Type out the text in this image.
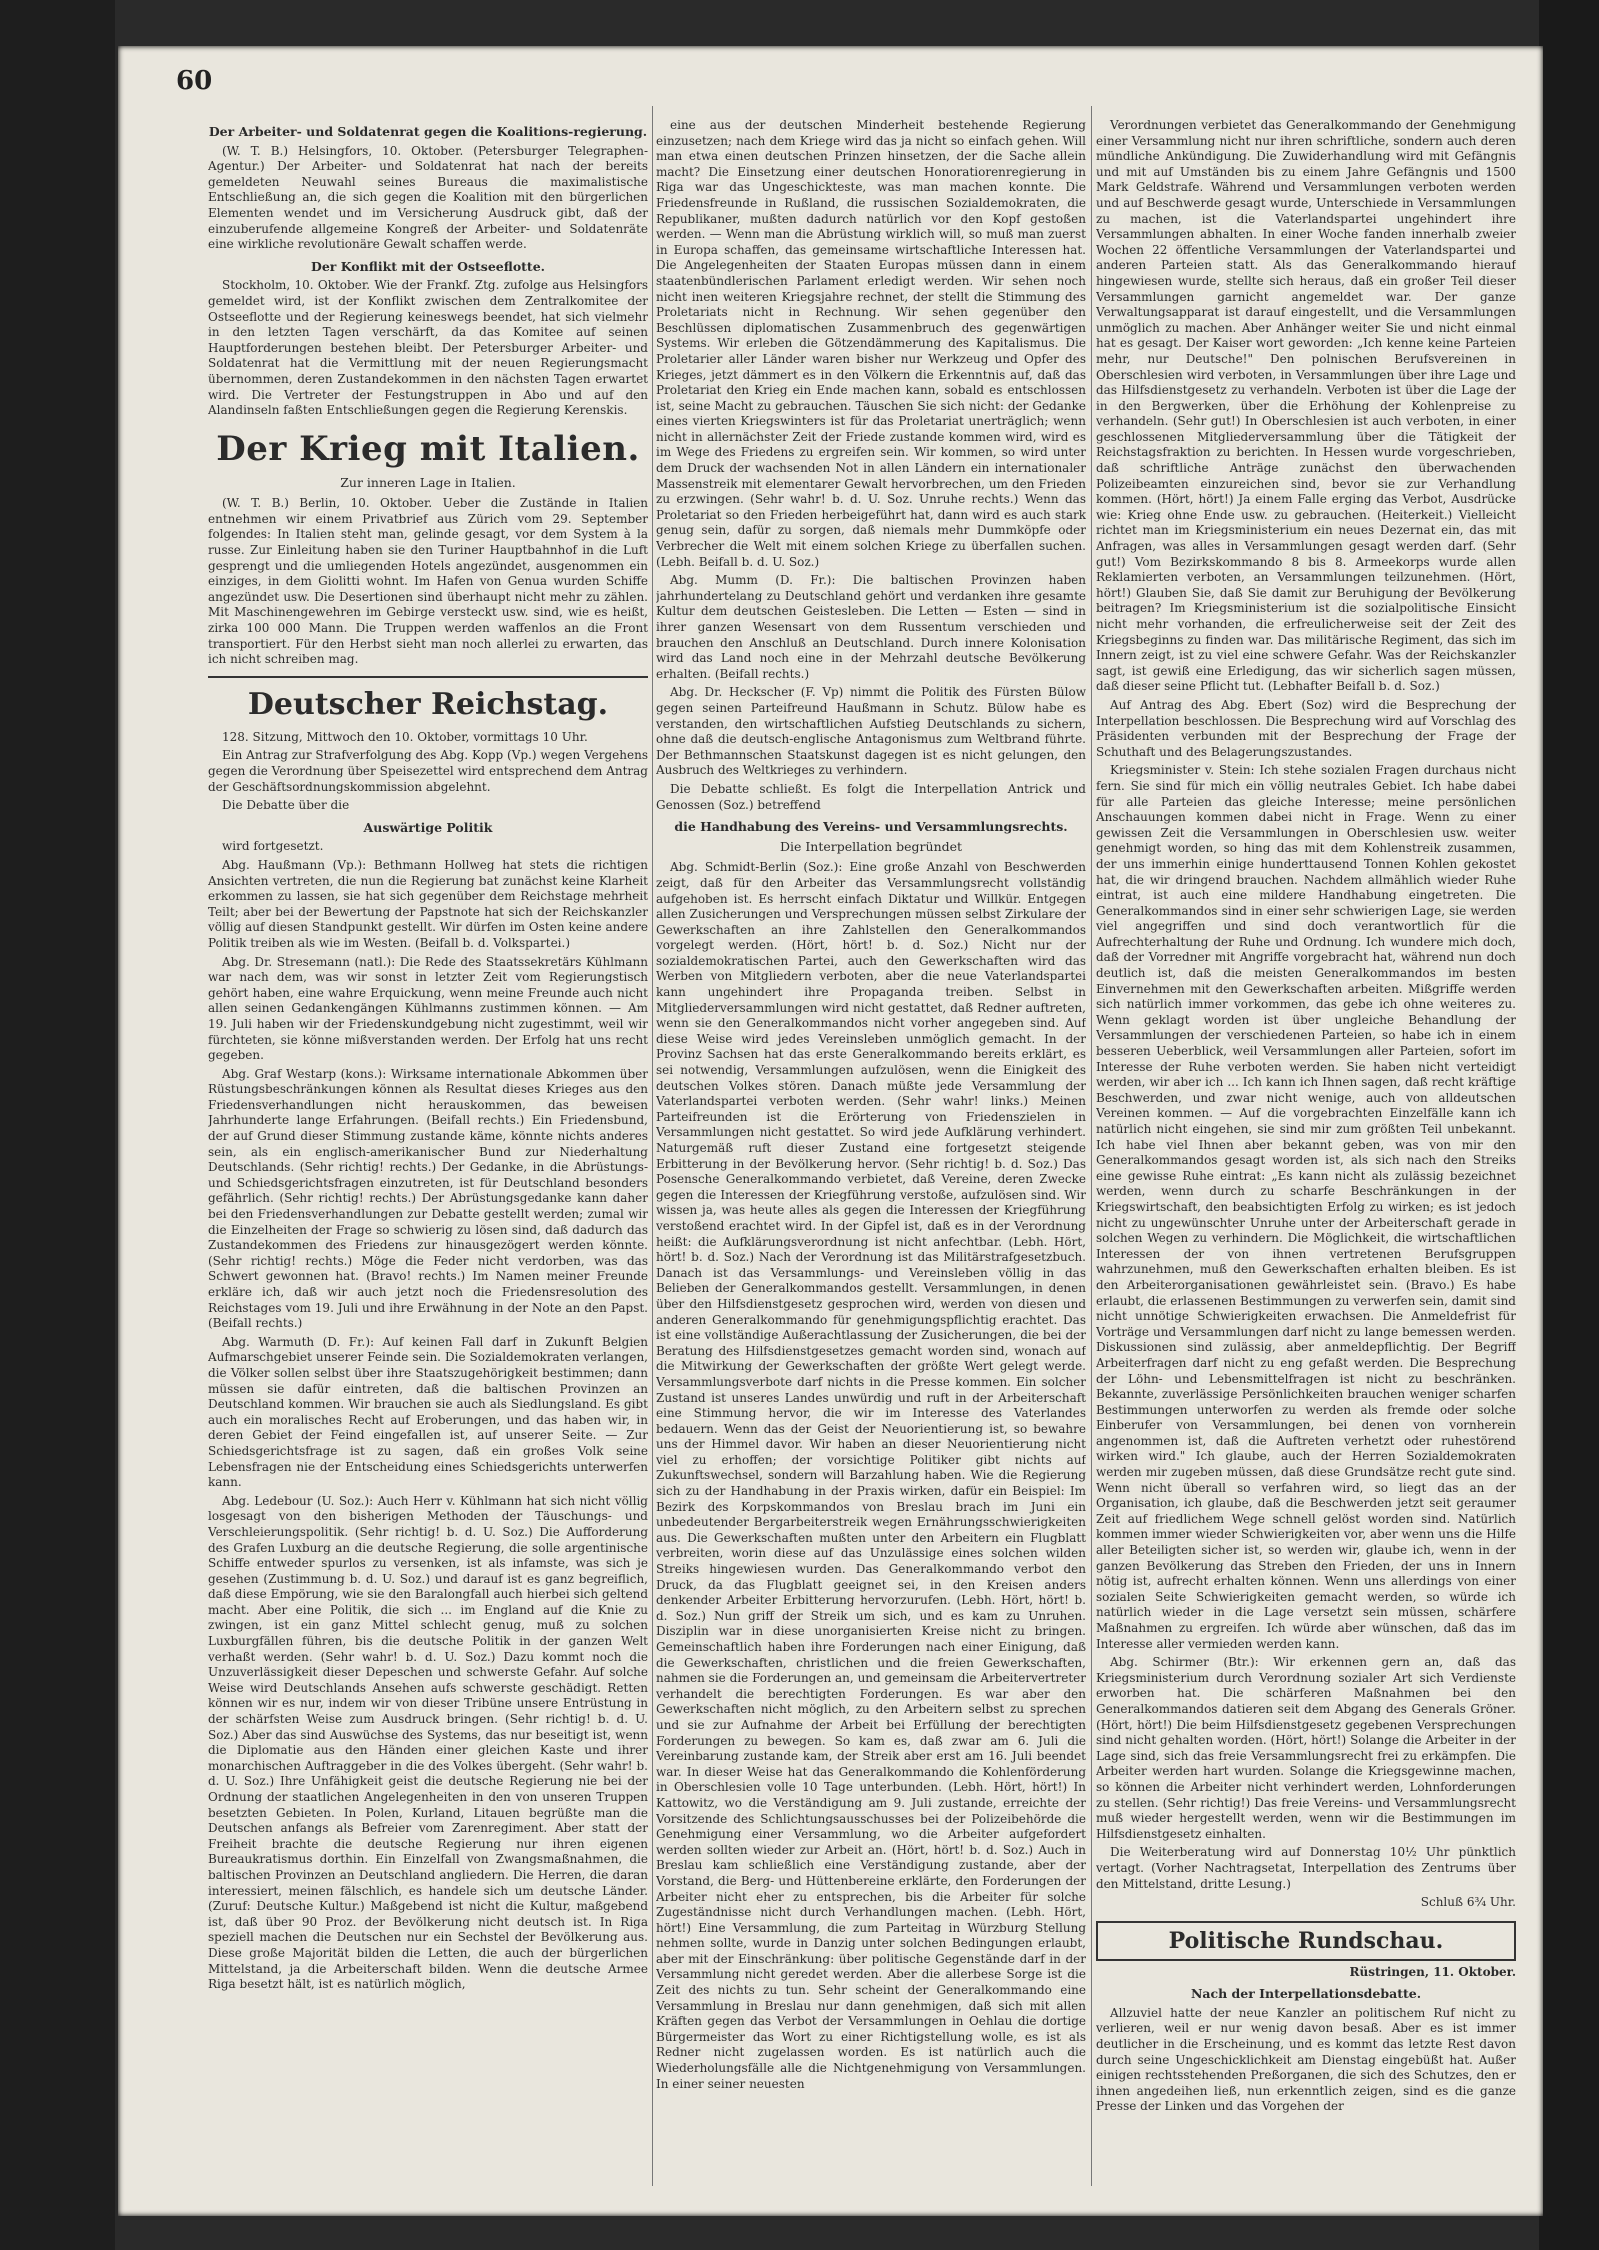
60
Der Arbeiter- und Soldatenrat gegen die Koalitions-regierung.

(W. T. B.) Helsingfors, 10. Oktober. (Petersburger Telegraphen-Agentur.) Der Arbeiter- und Soldatenrat hat nach der bereits gemeldeten Neuwahl seines Bureaus die maximalistische Entschließung an, die sich gegen die Koalition mit den bürgerlichen Elementen wendet und im Versicherung Ausdruck gibt, daß der einzuberufende allgemeine Kongreß der Arbeiter- und Soldatenräte eine wirkliche revolutionäre Gewalt schaffen werde.

Der Konflikt mit der Ostseeflotte.

Stockholm, 10. Oktober. Wie der Frankf. Ztg. zufolge aus Helsingfors gemeldet wird, ist der Konflikt zwischen dem Zentralkomitee der Ostseeflotte und der Regierung keineswegs beendet, hat sich vielmehr in den letzten Tagen verschärft, da das Komitee auf seinen Hauptforderungen bestehen bleibt. Der Petersburger Arbeiter- und Soldatenrat hat die Vermittlung mit der neuen Regierungsmacht übernommen, deren Zustandekommen in den nächsten Tagen erwartet wird. Die Vertreter der Festungstruppen in Abo und auf den Alandinseln faßten Entschließungen gegen die Regierung Kerenskis.

Der Krieg mit Italien.
Zur inneren Lage in Italien.

(W. T. B.) Berlin, 10. Oktober. Ueber die Zustände in Italien entnehmen wir einem Privatbrief aus Zürich vom 29. September folgendes: In Italien steht man, gelinde gesagt, vor dem System à la russe. Zur Einleitung haben sie den Turiner Hauptbahnhof in die Luft gesprengt und die umliegenden Hotels angezündet, ausgenommen ein einziges, in dem Giolitti wohnt. Im Hafen von Genua wurden Schiffe angezündet usw. Die Desertionen sind überhaupt nicht mehr zu zählen. Mit Maschinengewehren im Gebirge versteckt usw. sind, wie es heißt, zirka 100 000 Mann. Die Truppen werden waffenlos an die Front transportiert. Für den Herbst sieht man noch allerlei zu erwarten, das ich nicht schreiben mag.

Deutscher Reichstag.

128. Sitzung, Mittwoch den 10. Oktober, vormittags 10 Uhr.

Ein Antrag zur Strafverfolgung des Abg. Kopp (Vp.) wegen Vergehens gegen die Verordnung über Speisezettel wird entsprechend dem Antrag der Geschäftsordnungskommission abgelehnt.

Die Debatte über die

Auswärtige Politik

wird fortgesetzt.

Abg. Haußmann (Vp.): Bethmann Hollweg hat stets die richtigen Ansichten vertreten, die nun die Regierung bat zunächst keine Klarheit erkommen zu lassen, sie hat sich gegenüber dem Reichstage mehrheit Teilt; aber bei der Bewertung der Papstnote hat sich der Reichskanzler völlig auf diesen Standpunkt gestellt. Wir dürfen im Osten keine andere Politik treiben als wie im Westen. (Beifall b. d. Volkspartei.)

Abg. Dr. Stresemann (natl.): Die Rede des Staatssekretärs Kühlmann war nach dem, was wir sonst in letzter Zeit vom Regierungstisch gehört haben, eine wahre Erquickung, wenn meine Freunde auch nicht allen seinen Gedankengängen Kühlmanns zustimmen können. — Am 19. Juli haben wir der Friedenskundgebung nicht zugestimmt, weil wir fürchteten, sie könne mißverstanden werden. Der Erfolg hat uns recht gegeben.

Abg. Graf Westarp (kons.): Wirksame internationale Abkommen über Rüstungsbeschränkungen können als Resultat dieses Krieges aus den Friedensverhandlungen nicht herauskommen, das beweisen Jahrhunderte lange Erfahrungen. (Beifall rechts.) Ein Friedensbund, der auf Grund dieser Stimmung zustande käme, könnte nichts anderes sein, als ein englisch-amerikanischer Bund zur Niederhaltung Deutschlands. (Sehr richtig! rechts.) Der Gedanke, in die Abrüstungs- und Schiedsgerichtsfragen einzutreten, ist für Deutschland besonders gefährlich. (Sehr richtig! rechts.) Der Abrüstungsgedanke kann daher bei den Friedensverhandlungen zur Debatte gestellt werden; zumal wir die Einzelheiten der Frage so schwierig zu lösen sind, daß dadurch das Zustandekommen des Friedens zur hinausgezögert werden könnte. (Sehr richtig! rechts.) Möge die Feder nicht verdorben, was das Schwert gewonnen hat. (Bravo! rechts.) Im Namen meiner Freunde erkläre ich, daß wir auch jetzt noch die Friedensresolution des Reichstages vom 19. Juli und ihre Erwähnung in der Note an den Papst. (Beifall rechts.)

Abg. Warmuth (D. Fr.): Auf keinen Fall darf in Zukunft Belgien Aufmarschgebiet unserer Feinde sein. Die Sozialdemokraten verlangen, die Völker sollen selbst über ihre Staatszugehörigkeit bestimmen; dann müssen sie dafür eintreten, daß die baltischen Provinzen an Deutschland kommen. Wir brauchen sie auch als Siedlungsland. Es gibt auch ein moralisches Recht auf Eroberungen, und das haben wir, in deren Gebiet der Feind eingefallen ist, auf unserer Seite. — Zur Schiedsgerichtsfrage ist zu sagen, daß ein großes Volk seine Lebensfragen nie der Entscheidung eines Schiedsgerichts unterwerfen kann.

Abg. Ledebour (U. Soz.): Auch Herr v. Kühlmann hat sich nicht völlig losgesagt von den bisherigen Methoden der Täuschungs- und Verschleierungspolitik. (Sehr richtig! b. d. U. Soz.) Die Aufforderung des Grafen Luxburg an die deutsche Regierung, die solle argentinische Schiffe entweder spurlos zu versenken, ist als infamste, was sich je gesehen (Zustimmung b. d. U. Soz.) und darauf ist es ganz begreiflich, daß diese Empörung, wie sie den Baralongfall auch hierbei sich geltend macht. Aber eine Politik, die sich ... im England auf die Knie zu zwingen, ist ein ganz Mittel schlecht genug, muß zu solchen Luxburgfällen führen, bis die deutsche Politik in der ganzen Welt verhaßt werden. (Sehr wahr! b. d. U. Soz.) Dazu kommt noch die Unzuverlässigkeit dieser Depeschen und schwerste Gefahr. Auf solche Weise wird Deutschlands Ansehen aufs schwerste geschädigt. Retten können wir es nur, indem wir von dieser Tribüne unsere Entrüstung in der schärfsten Weise zum Ausdruck bringen. (Sehr richtig! b. d. U. Soz.) Aber das sind Auswüchse des Systems, das nur beseitigt ist, wenn die Diplomatie aus den Händen einer gleichen Kaste und ihrer monarchischen Auftraggeber in die des Volkes übergeht. (Sehr wahr! b. d. U. Soz.) Ihre Unfähigkeit geist die deutsche Regierung nie bei der Ordnung der staatlichen Angelegenheiten in den von unseren Truppen besetzten Gebieten. In Polen, Kurland, Litauen begrüßte man die Deutschen anfangs als Befreier vom Zarenregiment. Aber statt der Freiheit brachte die deutsche Regierung nur ihren eigenen Bureaukratismus dorthin. Ein Einzelfall von Zwangsmaßnahmen, die baltischen Provinzen an Deutschland angliedern. Die Herren, die daran interessiert, meinen fälschlich, es handele sich um deutsche Länder. (Zuruf: Deutsche Kultur.) Maßgebend ist nicht die Kultur, maßgebend ist, daß über 90 Proz. der Bevölkerung nicht deutsch ist. In Riga speziell machen die Deutschen nur ein Sechstel der Bevölkerung aus. Diese große Majorität bilden die Letten, die auch der bürgerlichen Mittelstand, ja die Arbeiterschaft bilden. Wenn die deutsche Armee Riga besetzt hält, ist es natürlich möglich,

eine aus der deutschen Minderheit bestehende Regierung einzusetzen; nach dem Kriege wird das ja nicht so einfach gehen. Will man etwa einen deutschen Prinzen hinsetzen, der die Sache allein macht? Die Einsetzung einer deutschen Honoratiorenregierung in Riga war das Ungeschickteste, was man machen konnte. Die Friedensfreunde in Rußland, die russischen Sozialdemokraten, die Republikaner, mußten dadurch natürlich vor den Kopf gestoßen werden. — Wenn man die Abrüstung wirklich will, so muß man zuerst in Europa schaffen, das gemeinsame wirtschaftliche Interessen hat. Die Angelegenheiten der Staaten Europas müssen dann in einem staatenbündlerischen Parlament erledigt werden. Wir sehen noch nicht inen weiteren Kriegsjahre rechnet, der stellt die Stimmung des Proletariats nicht in Rechnung. Wir sehen gegenüber den Beschlüssen diplomatischen Zusammenbruch des gegenwärtigen Systems. Wir erleben die Götzendämmerung des Kapitalismus. Die Proletarier aller Länder waren bisher nur Werkzeug und Opfer des Krieges, jetzt dämmert es in den Völkern die Erkenntnis auf, daß das Proletariat den Krieg ein Ende machen kann, sobald es entschlossen ist, seine Macht zu gebrauchen. Täuschen Sie sich nicht: der Gedanke eines vierten Kriegswinters ist für das Proletariat unerträglich; wenn nicht in allernächster Zeit der Friede zustande kommen wird, wird es im Wege des Friedens zu ergreifen sein. Wir kommen, so wird unter dem Druck der wachsenden Not in allen Ländern ein internationaler Massenstreik mit elementarer Gewalt hervorbrechen, um den Frieden zu erzwingen. (Sehr wahr! b. d. U. Soz. Unruhe rechts.) Wenn das Proletariat so den Frieden herbeigeführt hat, dann wird es auch stark genug sein, dafür zu sorgen, daß niemals mehr Dummköpfe oder Verbrecher die Welt mit einem solchen Kriege zu überfallen suchen. (Lebh. Beifall b. d. U. Soz.)

Abg. Mumm (D. Fr.): Die baltischen Provinzen haben jahrhundertelang zu Deutschland gehört und verdanken ihre gesamte Kultur dem deutschen Geistesleben. Die Letten — Esten — sind in ihrer ganzen Wesensart von dem Russentum verschieden und brauchen den Anschluß an Deutschland. Durch innere Kolonisation wird das Land noch eine in der Mehrzahl deutsche Bevölkerung erhalten. (Beifall rechts.)

Abg. Dr. Heckscher (F. Vp) nimmt die Politik des Fürsten Bülow gegen seinen Parteifreund Haußmann in Schutz. Bülow habe es verstanden, den wirtschaftlichen Aufstieg Deutschlands zu sichern, ohne daß die deutsch-englische Antagonismus zum Weltbrand führte. Der Bethmannschen Staatskunst dagegen ist es nicht gelungen, den Ausbruch des Weltkrieges zu verhindern.

Die Debatte schließt. Es folgt die Interpellation Antrick und Genossen (Soz.) betreffend

die Handhabung des Vereins- und Versammlungsrechts.
Die Interpellation begründet

Abg. Schmidt-Berlin (Soz.): Eine große Anzahl von Beschwerden zeigt, daß für den Arbeiter das Versammlungsrecht vollständig aufgehoben ist. Es herrscht einfach Diktatur und Willkür. Entgegen allen Zusicherungen und Versprechungen müssen selbst Zirkulare der Gewerkschaften an ihre Zahlstellen den Generalkommandos vorgelegt werden. (Hört, hört! b. d. Soz.) Nicht nur der sozialdemokratischen Partei, auch den Gewerkschaften wird das Werben von Mitgliedern verboten, aber die neue Vaterlandspartei kann ungehindert ihre Propaganda treiben. Selbst in Mitgliederversammlungen wird nicht gestattet, daß Redner auftreten, wenn sie den Generalkommandos nicht vorher angegeben sind. Auf diese Weise wird jedes Vereinsleben unmöglich gemacht. In der Provinz Sachsen hat das erste Generalkommando bereits erklärt, es sei notwendig, Versammlungen aufzulösen, wenn die Einigkeit des deutschen Volkes stören. Danach müßte jede Versammlung der Vaterlandspartei verboten werden. (Sehr wahr! links.) Meinen Parteifreunden ist die Erörterung von Friedenszielen in Versammlungen nicht gestattet. So wird jede Aufklärung verhindert. Naturgemäß ruft dieser Zustand eine fortgesetzt steigende Erbitterung in der Bevölkerung hervor. (Sehr richtig! b. d. Soz.) Das Posensche Generalkommando verbietet, daß Vereine, deren Zwecke gegen die Interessen der Kriegführung verstoße, aufzulösen sind. Wir wissen ja, was heute alles als gegen die Interessen der Kriegführung verstoßend erachtet wird. In der Gipfel ist, daß es in der Verordnung heißt: die Aufklärungsverordnung ist nicht anfechtbar. (Lebh. Hört, hört! b. d. Soz.) Nach der Verordnung ist das Militärstrafgesetzbuch. Danach ist das Versammlungs- und Vereinsleben völlig in das Belieben der Generalkommandos gestellt. Versammlungen, in denen über den Hilfsdienstgesetz gesprochen wird, werden von diesen und anderen Generalkommando für genehmigungspflichtig erachtet. Das ist eine vollständige Außerachtlassung der Zusicherungen, die bei der Beratung des Hilfsdienstgesetzes gemacht worden sind, wonach auf die Mitwirkung der Gewerkschaften der größte Wert gelegt werde. Versammlungsverbote darf nichts in die Presse kommen. Ein solcher Zustand ist unseres Landes unwürdig und ruft in der Arbeiterschaft eine Stimmung hervor, die wir im Interesse des Vaterlandes bedauern. Wenn das der Geist der Neuorientierung ist, so bewahre uns der Himmel davor. Wir haben an dieser Neuorientierung nicht viel zu erhoffen; der vorsichtige Politiker gibt nichts auf Zukunftswechsel, sondern will Barzahlung haben. Wie die Regierung sich zu der Handhabung in der Praxis wirken, dafür ein Beispiel: Im Bezirk des Korpskommandos von Breslau brach im Juni ein unbedeutender Bergarbeiterstreik wegen Ernährungsschwierigkeiten aus. Die Gewerkschaften mußten unter den Arbeitern ein Flugblatt verbreiten, worin diese auf das Unzulässige eines solchen wilden Streiks hingewiesen wurden. Das Generalkommando verbot den Druck, da das Flugblatt geeignet sei, in den Kreisen anders denkender Arbeiter Erbitterung hervorzurufen. (Lebh. Hört, hört! b. d. Soz.) Nun griff der Streik um sich, und es kam zu Unruhen. Disziplin war in diese unorganisierten Kreise nicht zu bringen. Gemeinschaftlich haben ihre Forderungen nach einer Einigung, daß die Gewerkschaften, christlichen und die freien Gewerkschaften, nahmen sie die Forderungen an, und gemeinsam die Arbeitervertreter verhandelt die berechtigten Forderungen. Es war aber den Gewerkschaften nicht möglich, zu den Arbeitern selbst zu sprechen und sie zur Aufnahme der Arbeit bei Erfüllung der berechtigten Forderungen zu bewegen. So kam es, daß zwar am 6. Juli die Vereinbarung zustande kam, der Streik aber erst am 16. Juli beendet war. In dieser Weise hat das Generalkommando die Kohlenförderung in Oberschlesien volle 10 Tage unterbunden. (Lebh. Hört, hört!) In Kattowitz, wo die Verständigung am 9. Juli zustande, erreichte der Vorsitzende des Schlichtungsausschusses bei der Polizeibehörde die Genehmigung einer Versammlung, wo die Arbeiter aufgefordert werden sollten wieder zur Arbeit an. (Hört, hört! b. d. Soz.) Auch in Breslau kam schließlich eine Verständigung zustande, aber der Vorstand, die Berg- und Hüttenbereine erklärte, den Forderungen der Arbeiter nicht eher zu entsprechen, bis die Arbeiter für solche Zugeständnisse nicht durch Verhandlungen machen. (Lebh. Hört, hört!) Eine Versammlung, die zum Parteitag in Würzburg Stellung nehmen sollte, wurde in Danzig unter solchen Bedingungen erlaubt, aber mit der Einschränkung: über politische Gegenstände darf in der Versammlung nicht geredet werden. Aber die allerbese Sorge ist die Zeit des nichts zu tun. Sehr scheint der Generalkommando eine Versammlung in Breslau nur dann genehmigen, daß sich mit allen Kräften gegen das Verbot der Versammlungen in Oehlau die dortige Bürgermeister das Wort zu einer Richtigstellung wolle, es ist als Redner nicht zugelassen worden. Es ist natürlich auch die Wiederholungsfälle alle die Nichtgenehmigung von Versammlungen. In einer seiner neuesten

Verordnungen verbietet das Generalkommando der Genehmigung einer Versammlung nicht nur ihren schriftliche, sondern auch deren mündliche Ankündigung. Die Zuwiderhandlung wird mit Gefängnis und mit auf Umständen bis zu einem Jahre Gefängnis und 1500 Mark Geldstrafe. Während und Versammlungen verboten werden und auf Beschwerde gesagt wurde, Unterschiede in Versammlungen zu machen, ist die Vaterlandspartei ungehindert ihre Versammlungen abhalten. In einer Woche fanden innerhalb zweier Wochen 22 öffentliche Versammlungen der Vaterlandspartei und anderen Parteien statt. Als das Generalkommando hierauf hingewiesen wurde, stellte sich heraus, daß ein großer Teil dieser Versammlungen garnicht angemeldet war. Der ganze Verwaltungsapparat ist darauf eingestellt, und die Versammlungen unmöglich zu machen. Aber Anhänger weiter Sie und nicht einmal hat es gesagt. Der Kaiser wort geworden: „Ich kenne keine Parteien mehr, nur Deutsche!" Den polnischen Berufsvereinen in Oberschlesien wird verboten, in Versammlungen über ihre Lage und das Hilfsdienstgesetz zu verhandeln. Verboten ist über die Lage der in den Bergwerken, über die Erhöhung der Kohlenpreise zu verhandeln. (Sehr gut!) In Oberschlesien ist auch verboten, in einer geschlossenen Mitgliederversammlung über die Tätigkeit der Reichstagsfraktion zu berichten. In Hessen wurde vorgeschrieben, daß schriftliche Anträge zunächst den überwachenden Polizeibeamten einzureichen sind, bevor sie zur Verhandlung kommen. (Hört, hört!) Ja einem Falle erging das Verbot, Ausdrücke wie: Krieg ohne Ende usw. zu gebrauchen. (Heiterkeit.) Vielleicht richtet man im Kriegsministerium ein neues Dezernat ein, das mit Anfragen, was alles in Versammlungen gesagt werden darf. (Sehr gut!) Vom Bezirkskommando 8 bis 8. Armeekorps wurde allen Reklamierten verboten, an Versammlungen teilzunehmen. (Hört, hört!) Glauben Sie, daß Sie damit zur Beruhigung der Bevölkerung beitragen? Im Kriegsministerium ist die sozialpolitische Einsicht nicht mehr vorhanden, die erfreulicherweise seit der Zeit des Kriegsbeginns zu finden war. Das militärische Regiment, das sich im Innern zeigt, ist zu viel eine schwere Gefahr. Was der Reichskanzler sagt, ist gewiß eine Erledigung, das wir sicherlich sagen müssen, daß dieser seine Pflicht tut. (Lebhafter Beifall b. d. Soz.)

Auf Antrag des Abg. Ebert (Soz) wird die Besprechung der Interpellation beschlossen. Die Besprechung wird auf Vorschlag des Präsidenten verbunden mit der Besprechung der Frage der Schuthaft und des Belagerungszustandes.

Kriegsminister v. Stein: Ich stehe sozialen Fragen durchaus nicht fern. Sie sind für mich ein völlig neutrales Gebiet. Ich habe dabei für alle Parteien das gleiche Interesse; meine persönlichen Anschauungen kommen dabei nicht in Frage. Wenn zu einer gewissen Zeit die Versammlungen in Oberschlesien usw. weiter genehmigt worden, so hing das mit dem Kohlenstreik zusammen, der uns immerhin einige hunderttausend Tonnen Kohlen gekostet hat, die wir dringend brauchen. Nachdem allmählich wieder Ruhe eintrat, ist auch eine mildere Handhabung eingetreten. Die Generalkommandos sind in einer sehr schwierigen Lage, sie werden viel angegriffen und sind doch verantwortlich für die Aufrechterhaltung der Ruhe und Ordnung. Ich wundere mich doch, daß der Vorredner mit Angriffe vorgebracht hat, während nun doch deutlich ist, daß die meisten Generalkommandos im besten Einvernehmen mit den Gewerkschaften arbeiten. Mißgriffe werden sich natürlich immer vorkommen, das gebe ich ohne weiteres zu. Wenn geklagt worden ist über ungleiche Behandlung der Versammlungen der verschiedenen Parteien, so habe ich in einem besseren Ueberblick, weil Versammlungen aller Parteien, sofort im Interesse der Ruhe verboten werden. Sie haben nicht verteidigt werden, wir aber ich ... Ich kann ich Ihnen sagen, daß recht kräftige Beschwerden, und zwar nicht wenige, auch von alldeutschen Vereinen kommen. — Auf die vorgebrachten Einzelfälle kann ich natürlich nicht eingehen, sie sind mir zum größten Teil unbekannt. Ich habe viel Ihnen aber bekannt geben, was von mir den Generalkommandos gesagt worden ist, als sich nach den Streiks eine gewisse Ruhe eintrat: „Es kann nicht als zulässig bezeichnet werden, wenn durch zu scharfe Beschränkungen in der Kriegswirtschaft, den beabsichtigten Erfolg zu wirken; es ist jedoch nicht zu ungewünschter Unruhe unter der Arbeiterschaft gerade in solchen Wegen zu verhindern. Die Möglichkeit, die wirtschaftlichen Interessen der von ihnen vertretenen Berufsgruppen wahrzunehmen, muß den Gewerkschaften erhalten bleiben. Es ist den Arbeiterorganisationen gewährleistet sein. (Bravo.) Es habe erlaubt, die erlassenen Bestimmungen zu verwerfen sein, damit sind nicht unnötige Schwierigkeiten erwachsen. Die Anmeldefrist für Vorträge und Versammlungen darf nicht zu lange bemessen werden. Diskussionen sind zulässig, aber anmeldepflichtig. Der Begriff Arbeiterfragen darf nicht zu eng gefaßt werden. Die Besprechung der Löhn- und Lebensmittelfragen ist nicht zu beschränken. Bekannte, zuverlässige Persönlichkeiten brauchen weniger scharfen Bestimmungen unterworfen zu werden als fremde oder solche Einberufer von Versammlungen, bei denen von vornherein angenommen ist, daß die Auftreten verhetzt oder ruhestörend wirken wird." Ich glaube, auch der Herren Sozialdemokraten werden mir zugeben müssen, daß diese Grundsätze recht gute sind. Wenn nicht überall so verfahren wird, so liegt das an der Organisation, ich glaube, daß die Beschwerden jetzt seit geraumer Zeit auf friedlichem Wege schnell gelöst worden sind. Natürlich kommen immer wieder Schwierigkeiten vor, aber wenn uns die Hilfe aller Beteiligten sicher ist, so werden wir, glaube ich, wenn in der ganzen Bevölkerung das Streben den Frieden, der uns in Innern nötig ist, aufrecht erhalten können. Wenn uns allerdings von einer sozialen Seite Schwierigkeiten gemacht werden, so würde ich natürlich wieder in die Lage versetzt sein müssen, schärfere Maßnahmen zu ergreifen. Ich würde aber wünschen, daß das im Interesse aller vermieden werden kann.

Abg. Schirmer (Btr.): Wir erkennen gern an, daß das Kriegsministerium durch Verordnung sozialer Art sich Verdienste erworben hat. Die schärferen Maßnahmen bei den Generalkommandos datieren seit dem Abgang des Generals Gröner. (Hört, hört!) Die beim Hilfsdienstgesetz gegebenen Versprechungen sind nicht gehalten worden. (Hört, hört!) Solange die Arbeiter in der Lage sind, sich das freie Versammlungsrecht frei zu erkämpfen. Die Arbeiter werden hart wurden. Solange die Kriegsgewinne machen, so können die Arbeiter nicht verhindert werden, Lohnforderungen zu stellen. (Sehr richtig!) Das freie Vereins- und Versammlungsrecht muß wieder hergestellt werden, wenn wir die Bestimmungen im Hilfsdienstgesetz einhalten.

Die Weiterberatung wird auf Donnerstag 10½ Uhr pünktlich vertagt. (Vorher Nachtragsetat, Interpellation des Zentrums über den Mittelstand, dritte Lesung.)

Schluß 6¾ Uhr.

Politische Rundschau.
Rüstringen, 11. Oktober.
Nach der Interpellationsdebatte.

Allzuviel hatte der neue Kanzler an politischem Ruf nicht zu verlieren, weil er nur wenig davon besaß. Aber es ist immer deutlicher in die Erscheinung, und es kommt das letzte Rest davon durch seine Ungeschicklichkeit am Dienstag eingebüßt hat. Außer einigen rechtsstehenden Preßorganen, die sich des Schutzes, den er ihnen angedeihen ließ, nun erkenntlich zeigen, sind es die ganze Presse der Linken und das Vorgehen der
